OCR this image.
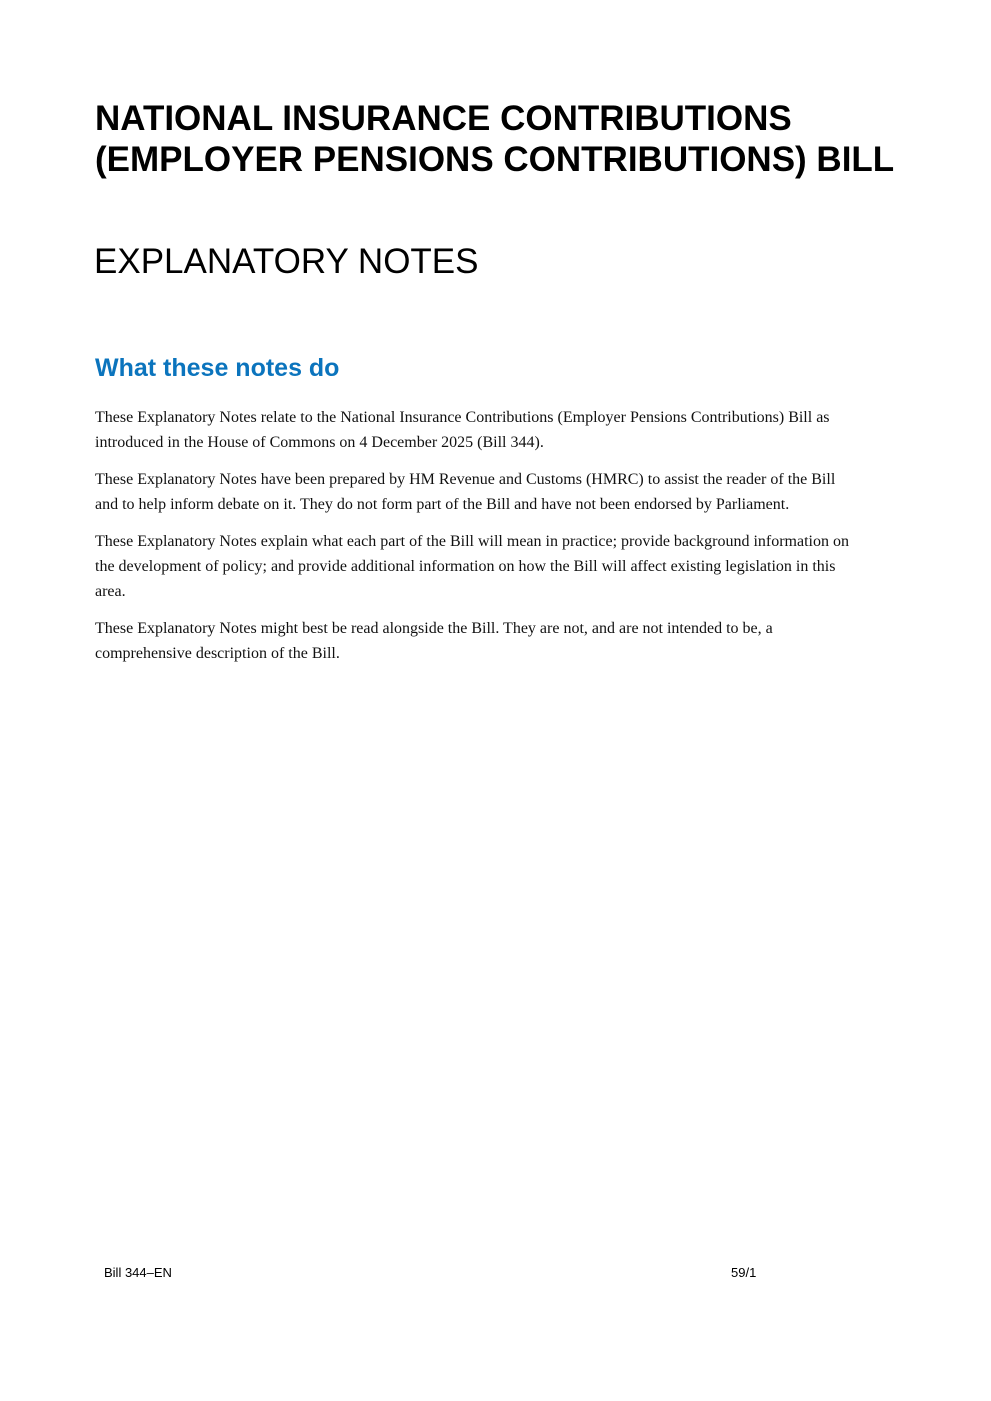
NATIONAL INSURANCE CONTRIBUTIONS (EMPLOYER PENSIONS CONTRIBUTIONS) BILL
EXPLANATORY NOTES
What these notes do

These Explanatory Notes relate to the National Insurance Contributions (Employer Pensions Contributions) Bill as introduced in the House of Commons on 4 December 2025 (Bill 344).

These Explanatory Notes have been prepared by HM Revenue and Customs (HMRC) to assist the reader of the Bill and to help inform debate on it. They do not form part of the Bill and have not been endorsed by Parliament.

These Explanatory Notes explain what each part of the Bill will mean in practice; provide background information on the development of policy; and provide additional information on how the Bill will affect existing legislation in this area.

These Explanatory Notes might best be read alongside the Bill. They are not, and are not intended to be, a comprehensive description of the Bill.

Bill 344–EN	59/1
